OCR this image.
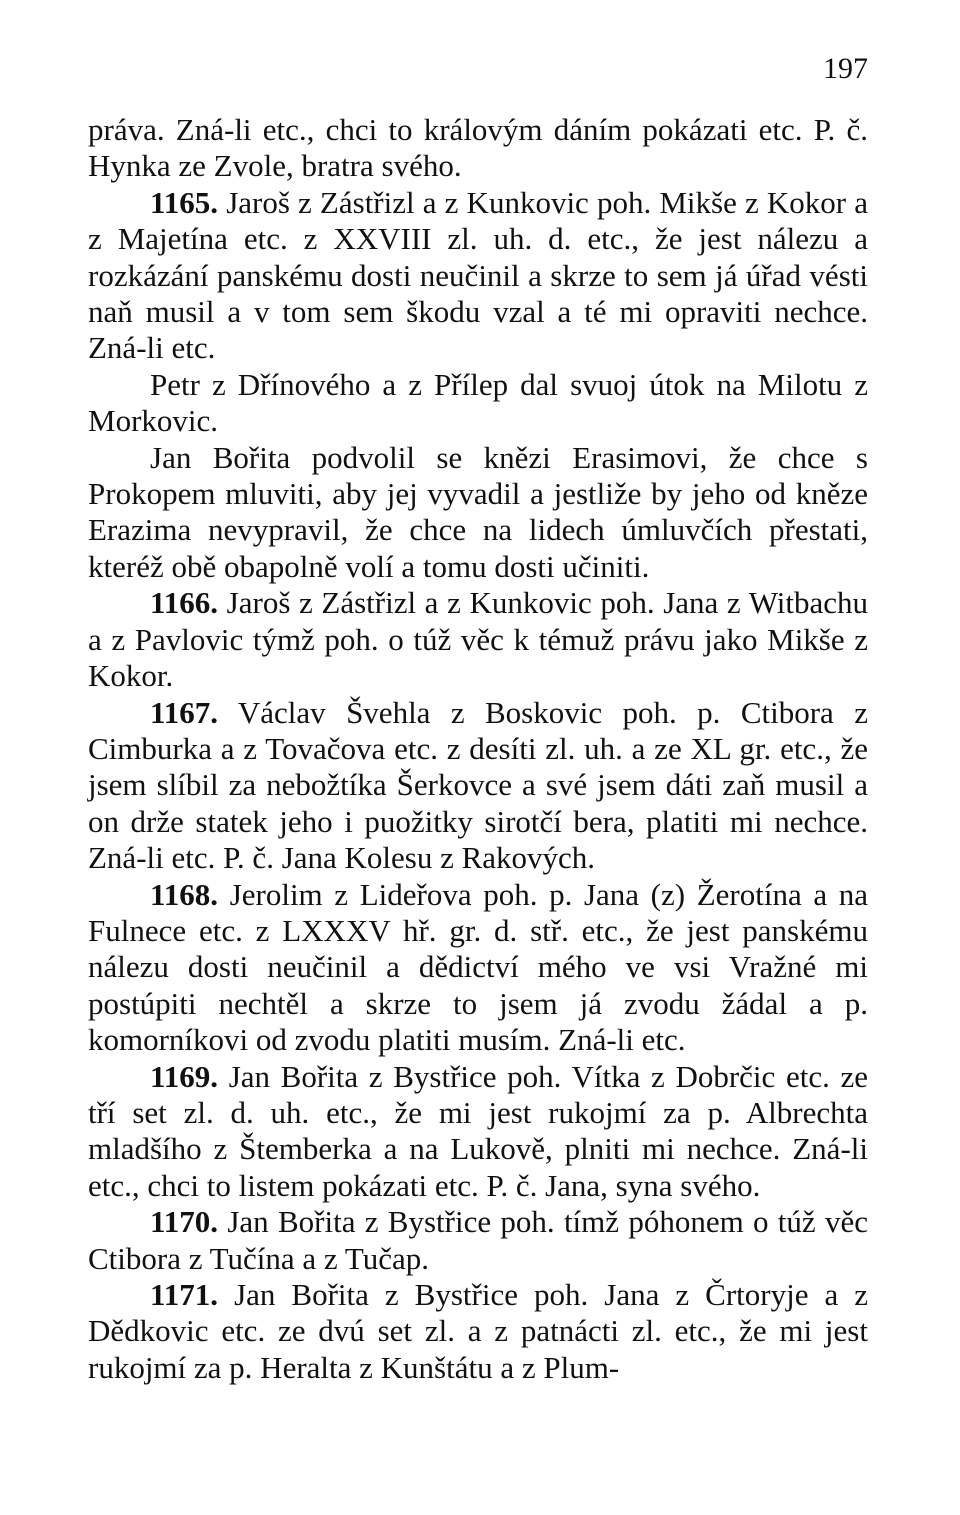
197

práva. Zná-li etc., chci to královým dáním pokázati etc. P. č. Hynka ze Zvole, bratra svého.

1165. Jaroš z Zástřizl a z Kunkovic poh. Mikše z Kokor a z Majetína etc. z XXVIII zl. uh. d. etc., že jest nálezu a rozkázání panskému dosti neučinil a skrze to sem já úřad vésti naň musil a v tom sem škodu vzal a té mi opraviti nechce. Zná-li etc.

Petr z Dřínového a z Přílep dal svuoj útok na Milotu z Morkovic.

Jan Bořita podvolil se knězi Erasimovi, že chce s Prokopem mluviti, aby jej vyvadil a jestliže by jeho od kněze Erazima nevypravil, že chce na lidech úmluvčích přestati, kteréž obě obapolně volí a tomu dosti učiniti.

1166. Jaroš z Zástřizl a z Kunkovic poh. Jana z Witbachu a z Pavlovic týmž poh. o túž věc k témuž právu jako Mikše z Kokor.

1167. Václav Švehla z Boskovic poh. p. Ctibora z Cimburka a z Tovačova etc. z desíti zl. uh. a ze XL gr. etc., že jsem slíbil za nebožtíka Šerkovce a své jsem dáti zaň musil a on drže statek jeho i puožitky sirotčí bera, platiti mi nechce. Zná-li etc. P. č. Jana Kolesu z Rakových.

1168. Jerolim z Lideřova poh. p. Jana (z) Žerotína a na Fulnece etc. z LXXXV hř. gr. d. stř. etc., že jest panskému nálezu dosti neučinil a dědictví mého ve vsi Vražné mi postúpiti nechtěl a skrze to jsem já zvodu žádal a p. komorníkovi od zvodu platiti musím. Zná-li etc.

1169. Jan Bořita z Bystřice poh. Vítka z Dobrčic etc. ze tří set zl. d. uh. etc., že mi jest rukojmí za p. Albrechta mladšího z Štemberka a na Lukově, plniti mi nechce. Zná-li etc., chci to listem pokázati etc. P. č. Jana, syna svého.

1170. Jan Bořita z Bystřice poh. tímž póhonem o túž věc Ctibora z Tučína a z Tučap.

1171. Jan Bořita z Bystřice poh. Jana z Črtoryje a z Dědkovic etc. ze dvú set zl. a z patnácti zl. etc., že mi jest rukojmí za p. Heralta z Kunštátu a z Plum-
